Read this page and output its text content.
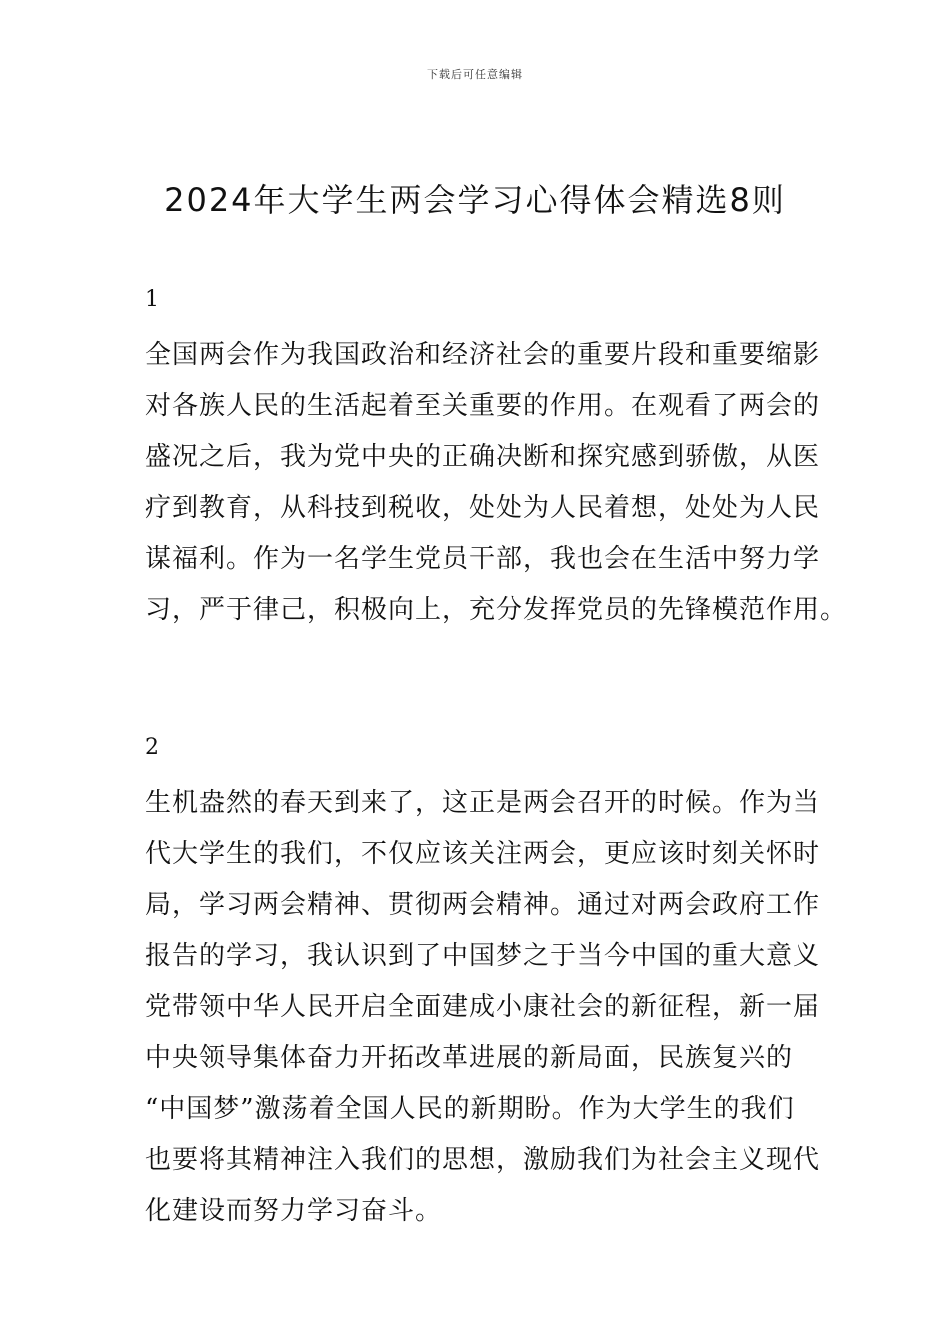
下载后可任意编辑
2024年大学生两会学习心得体会精选8则
1
全国两会作为我国政治和经济社会的重要片段和重要缩影
对各族人民的生活起着至关重要的作用。在观看了两会的
盛况之后，我为党中央的正确决断和探究感到骄傲，从医
疗到教育，从科技到税收，处处为人民着想，处处为人民
谋福利。作为一名学生党员干部，我也会在生活中努力学
习，严于律己，积极向上，充分发挥党员的先锋模范作用。
2
生机盎然的春天到来了，这正是两会召开的时候。作为当
代大学生的我们，不仅应该关注两会，更应该时刻关怀时
局，学习两会精神、贯彻两会精神。通过对两会政府工作
报告的学习，我认识到了中国梦之于当今中国的重大意义
党带领中华人民开启全面建成小康社会的新征程，新一届
中央领导集体奋力开拓改革进展的新局面，民族复兴的
“中国梦”激荡着全国人民的新期盼。作为大学生的我们
也要将其精神注入我们的思想，激励我们为社会主义现代
化建设而努力学习奋斗。
